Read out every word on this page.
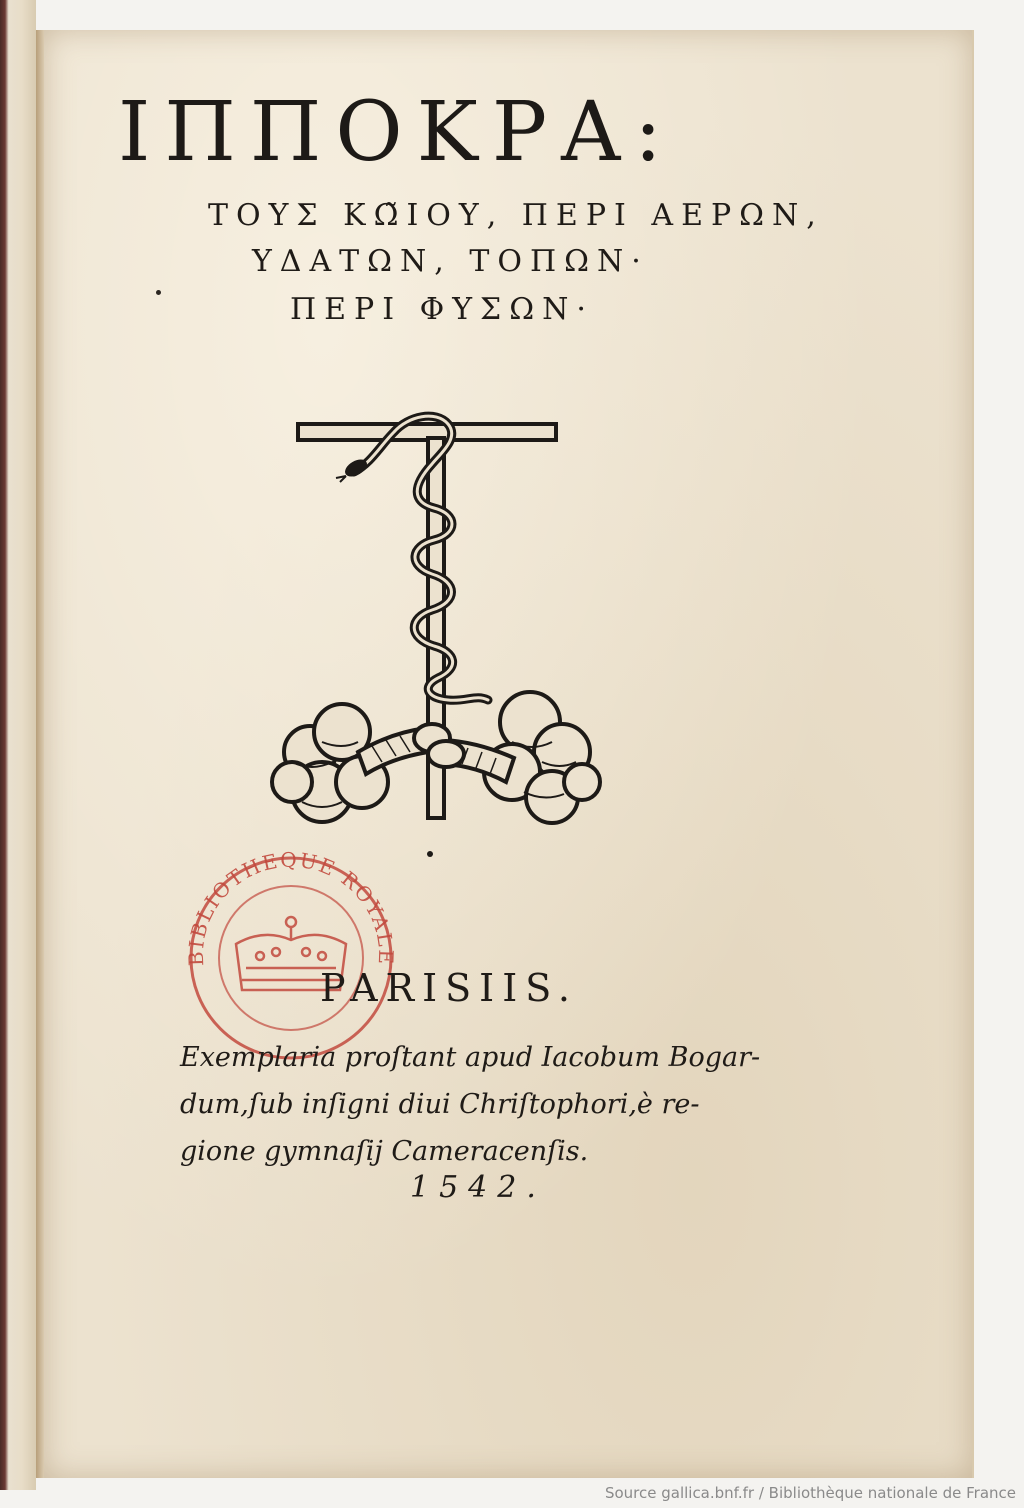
ΙΠΠΟΚΡΑ:
ΤΟΥΣ ΚΩ̃ΙΟΥ, ΠΕΡΙ ΑΕΡΩΝ,
ΥΔΑΤΩΝ, ΤΟΠΩΝ·
ΠΕΡΙ ΦΥΣΩΝ·
BIBLIOTHEQUE ROYALE
PARISIIS.
Exemplaria proſtant apud Iacobum Bogar-
dum,ſub inſigni diui Chriſtophori,è re-
gione gymnaſij Cameracenſis.
1542.
Source gallica.bnf.fr / Bibliothèque nationale de France
